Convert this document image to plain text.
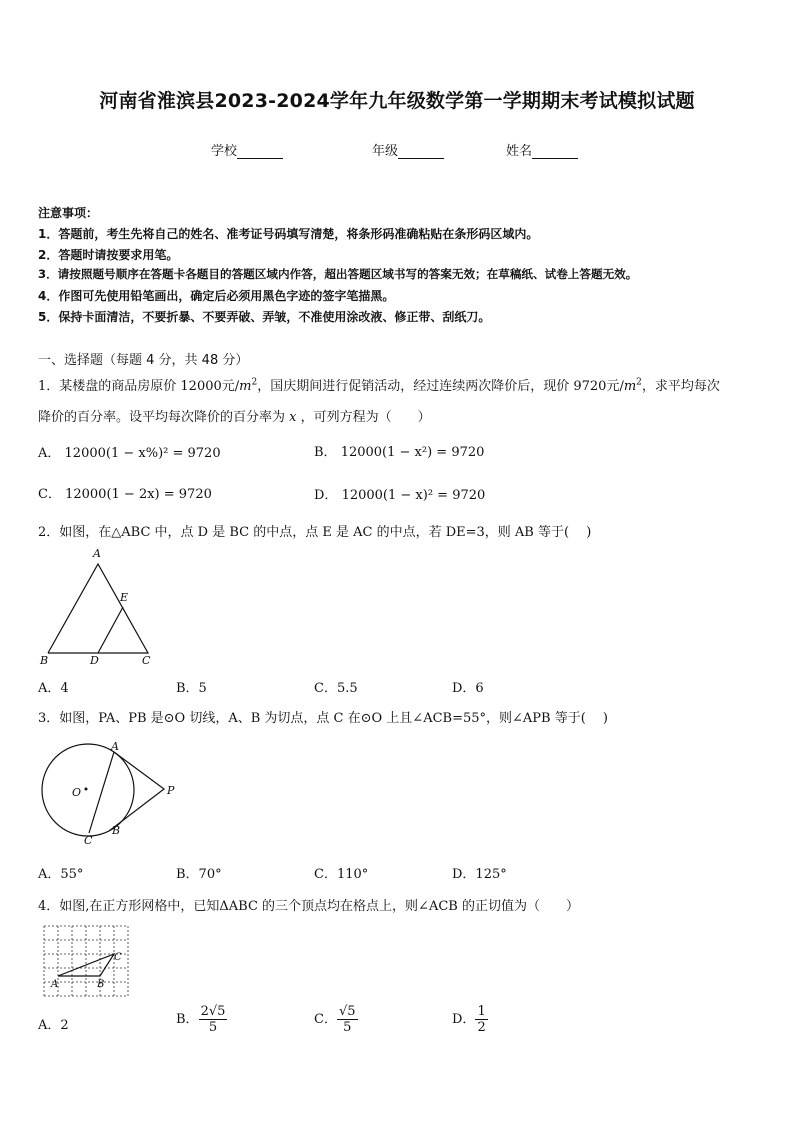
河南省淮滨县2023-2024学年九年级数学第一学期期末考试模拟试题
学校	年级	姓名
注意事项：
1．答题前，考生先将自己的姓名、准考证号码填写清楚，将条形码准确粘贴在条形码区域内。
2．答题时请按要求用笔。
3．请按照题号顺序在答题卡各题目的答题区域内作答，超出答题区域书写的答案无效；在草稿纸、试卷上答题无效。
4．作图可先使用铅笔画出，确定后必须用黑色字迹的签字笔描黑。
5．保持卡面清洁，不要折暴、不要弄破、弄皱，不准使用涂改液、修正带、刮纸刀。
一、选择题（每题 4 分，共 48 分）
1．某楼盘的商品房原价 12000元$/m^2$，国庆期间进行促销活动，经过连续两次降价后，现价 9720元$/m^2$，求平均每次
降价的百分率。设平均每次降价的百分率为 x ，可列方程为（　　）
A． 12000(1 − x%)² = 9720	B． 12000(1 − x²) = 9720
C． 12000(1 − 2x) = 9720	D． 12000(1 − x)² = 9720
2．如图，在△ABC 中，点 D 是 BC 的中点，点 E 是 AC 的中点，若 DE=3，则 AB 等于(　 )
A
E
B	D	C
A．4	B．5	C．5.5	D．6
3．如图，PA、PB 是⊙O 切线，A、B 为切点，点 C 在⊙O 上且∠ACB=55°，则∠APB 等于(　 )
A
O	P
C
B
A．55°	B．70°	C．110°	D．125°
4．如图,在正方形网格中，已知ΔABC 的三个顶点均在格点上，则∠ACB 的正切值为（　　）
A	B
C
A．2	B． $\frac{2√5}{5}$	C． $\frac{√5}{5}$	D． $\frac{1}{2}$
